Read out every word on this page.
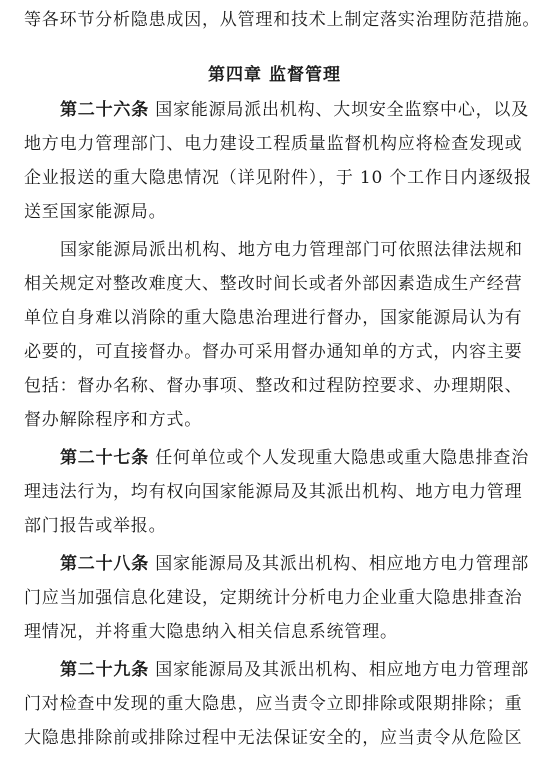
等各环节分析隐患成因，从管理和技术上制定落实治理防范措施。
第四章 监督管理
第二十六条 国家能源局派出机构、大坝安全监察中心，以及
地方电力管理部门、电力建设工程质量监督机构应将检查发现或
企业报送的重大隐患情况（详见附件），于 10 个工作日内逐级报
送至国家能源局。
国家能源局派出机构、地方电力管理部门可依照法律法规和
相关规定对整改难度大、整改时间长或者外部因素造成生产经营
单位自身难以消除的重大隐患治理进行督办，国家能源局认为有
必要的，可直接督办。督办可采用督办通知单的方式，内容主要
包括：督办名称、督办事项、整改和过程防控要求、办理期限、
督办解除程序和方式。
第二十七条 任何单位或个人发现重大隐患或重大隐患排查治
理违法行为，均有权向国家能源局及其派出机构、地方电力管理
部门报告或举报。
第二十八条 国家能源局及其派出机构、相应地方电力管理部
门应当加强信息化建设，定期统计分析电力企业重大隐患排查治
理情况，并将重大隐患纳入相关信息系统管理。
第二十九条 国家能源局及其派出机构、相应地方电力管理部
门对检查中发现的重大隐患，应当责令立即排除或限期排除；重
大隐患排除前或排除过程中无法保证安全的，应当责令从危险区
